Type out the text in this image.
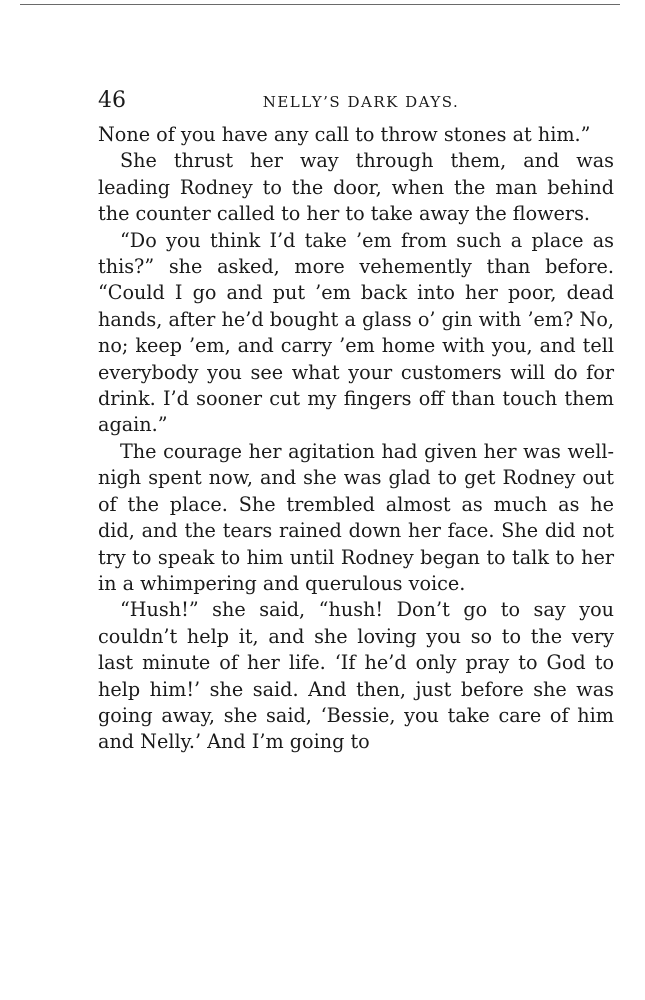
46	NELLY’S DARK DAYS.

None of you have any call to throw stones at him.”

She thrust her way through them, and was leading Rodney to the door, when the man behind the counter called to her to take away the flowers.

“Do you think I’d take ’em from such a place as this?” she asked, more vehemently than before. “Could I go and put ’em back into her poor, dead hands, after he’d bought a glass o’ gin with ’em? No, no; keep ’em, and carry ’em home with you, and tell everybody you see what your customers will do for drink. I’d sooner cut my fingers off than touch them again.”

The courage her agitation had given her was well-nigh spent now, and she was glad to get Rodney out of the place. She trembled almost as much as he did, and the tears rained down her face. She did not try to speak to him until Rodney began to talk to her in a whimpering and querulous voice.

“Hush!” she said, “hush! Don’t go to say you couldn’t help it, and she loving you so to the very last minute of her life. ‘If he’d only pray to God to help him!’ she said. And then, just before she was going away, she said, ‘Bessie, you take care of him and Nelly.’ And I’m going to
